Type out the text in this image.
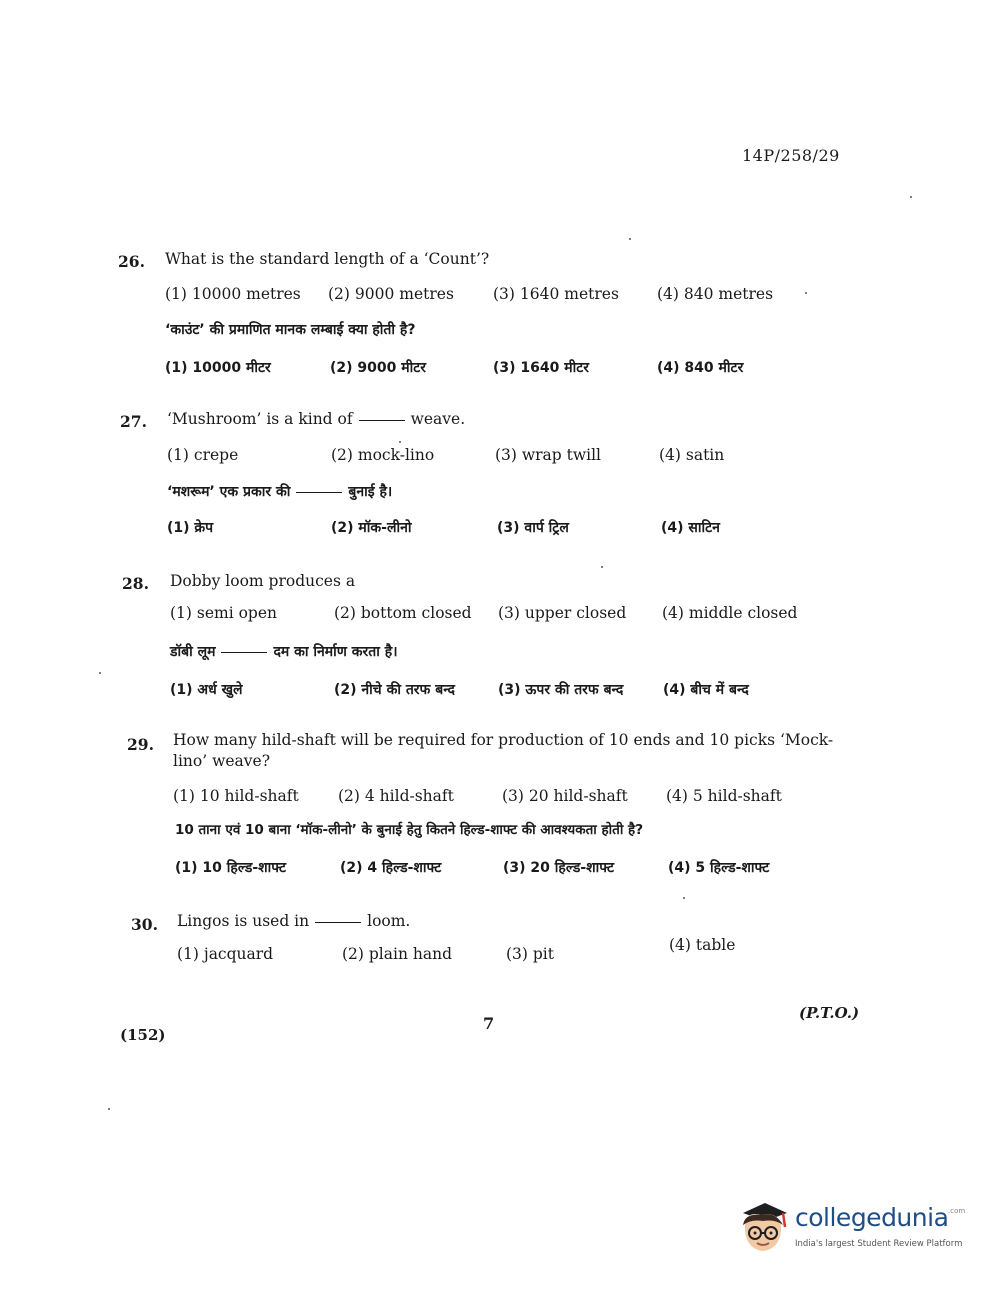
14P/258/29
26. What is the standard length of a ‘Count’?
(1) 10000 metres (2) 9000 metres	(3) 1640 metres (4) 840 metres
‘काउंट’ की प्रमाणित मानक लम्बाई क्या होती है?
(1) 10000 मीटर	(2) 9000 मीटर	(3) 1640 मीटर	(4) 840 मीटर
27. ‘Mushroom’ is a kind of	weave.
(1) crepe	(2) mock-lino	(3) wrap twill	(4) satin
‘मशरूम’ एक प्रकार की	बुनाई है।
(1) क्रेप	(2) मॉक-लीनो	(3) वार्प ट्रिल	(4) साटिन
28. Dobby loom produces a
(1) semi open	(2) bottom closed (3) upper closed (4) middle closed
डॉबी लूम	दम का निर्माण करता है।
(1) अर्ध खुले	(2) नीचे की तरफ बन्द	(3) ऊपर की तरफ बन्द	(4) बीच में बन्द
29. How many hild-shaft will be required for production of 10 ends and 10 picks ‘Mock-lino’ weave?
(1) 10 hild-shaft	(2) 4 hild-shaft	(3) 20 hild-shaft (4) 5 hild-shaft
10 ताना एवं 10 बाना ‘मॉक-लीनो’ के बुनाई हेतु कितने हिल्ड-शाफ्ट की आवश्यकता होती है?
(1) 10 हिल्ड-शाफ्ट	(2) 4 हिल्ड-शाफ्ट	(3) 20 हिल्ड-शाफ्ट	(4) 5 हिल्ड-शाफ्ट
30. Lingos is used in	loom.
(1) jacquard	(2) plain hand	(3) pit	(4) table
(P.T.O.)
7
(152)
collegedunia .com
India's largest Student Review Platform
